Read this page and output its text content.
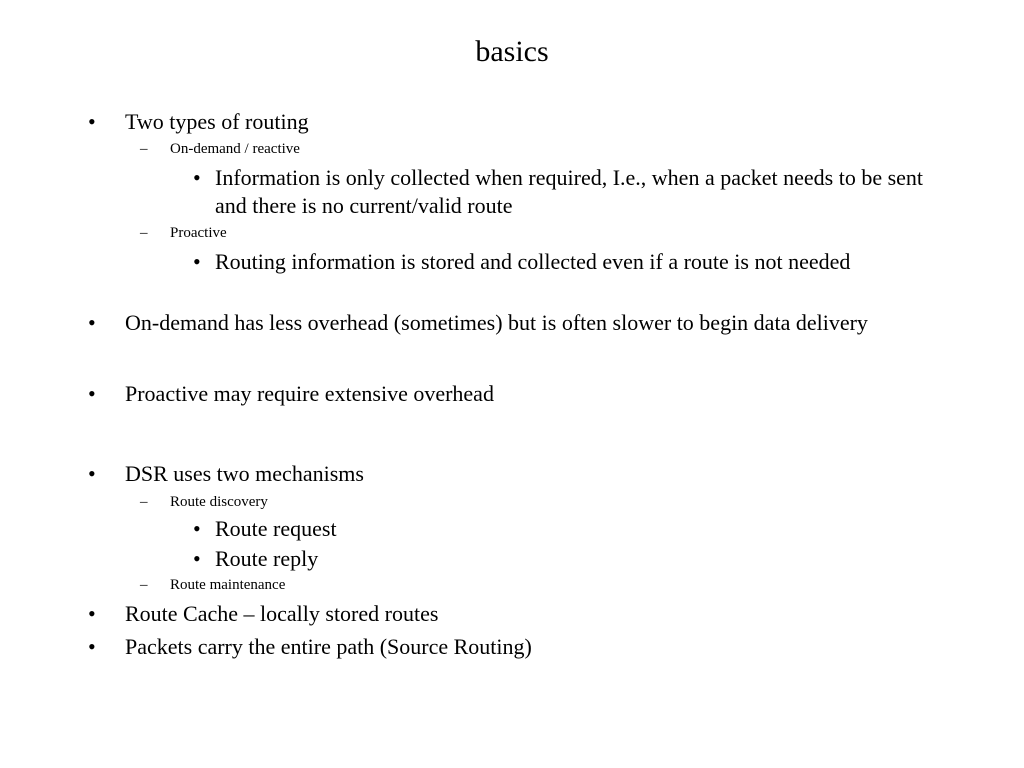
basics
•	Two types of routing
–	On-demand / reactive
• Information is only collected when required, I.e., when a packet needs to be sent and there is no current/valid route
–	Proactive
• Routing information is stored and collected even if a route is not needed
•	On-demand has less overhead (sometimes) but is often slower to begin data delivery
•	Proactive may require extensive overhead
•	DSR uses two mechanisms
–	Route discovery
• Route request
• Route reply
–	Route maintenance
•	Route Cache – locally stored routes
•	Packets carry the entire path (Source Routing)
